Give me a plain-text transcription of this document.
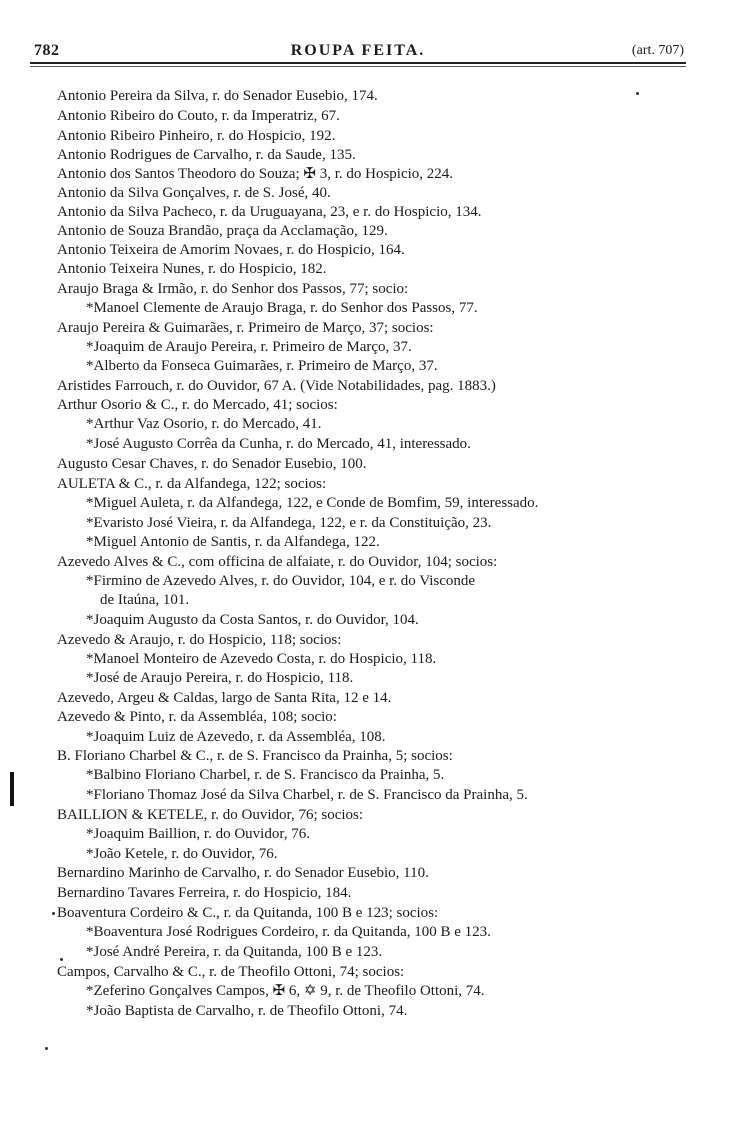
782	ROUPA FEITA.	(art. 707)
Antonio Pereira da Silva, r. do Senador Eusebio, 174.
Antonio Ribeiro do Couto, r. da Imperatriz, 67.
Antonio Ribeiro Pinheiro, r. do Hospicio, 192.
Antonio Rodrigues de Carvalho, r. da Saude, 135.
Antonio dos Santos Theodoro do Souza; ✠ 3, r. do Hospicio, 224.
Antonio da Silva Gonçalves, r. de S. José, 40.
Antonio da Silva Pacheco, r. da Uruguayana, 23, e r. do Hospicio, 134.
Antonio de Souza Brandão, praça da Acclamação, 129.
Antonio Teixeira de Amorim Novaes, r. do Hospicio, 164.
Antonio Teixeira Nunes, r. do Hospicio, 182.
Araujo Braga & Irmão, r. do Senhor dos Passos, 77; socio:
*Manoel Clemente de Araujo Braga, r. do Senhor dos Passos, 77.
Araujo Pereira & Guimarães, r. Primeiro de Março, 37; socios:
*Joaquim de Araujo Pereira, r. Primeiro de Março, 37.
*Alberto da Fonseca Guimarães, r. Primeiro de Março, 37.
Aristides Farrouch, r. do Ouvidor, 67 A. (Vide Notabilidades, pag. 1883.)
Arthur Osorio & C., r. do Mercado, 41; socios:
*Arthur Vaz Osorio, r. do Mercado, 41.
*José Augusto Corrêa da Cunha, r. do Mercado, 41, interessado.
Augusto Cesar Chaves, r. do Senador Eusebio, 100.
AULETA & C., r. da Alfandega, 122; socios:
*Miguel Auleta, r. da Alfandega, 122, e Conde de Bomfim, 59, interessado.
*Evaristo José Vieira, r. da Alfandega, 122, e r. da Constituição, 23.
*Miguel Antonio de Santis, r. da Alfandega, 122.
Azevedo Alves & C., com officina de alfaiate, r. do Ouvidor, 104; socios:
*Firmino de Azevedo Alves, r. do Ouvidor, 104, e r. do Visconde
de Itaúna, 101.
*Joaquim Augusto da Costa Santos, r. do Ouvidor, 104.
Azevedo & Araujo, r. do Hospicio, 118; socios:
*Manoel Monteiro de Azevedo Costa, r. do Hospicio, 118.
*José de Araujo Pereira, r. do Hospicio, 118.
Azevedo, Argeu & Caldas, largo de Santa Rita, 12 e 14.
Azevedo & Pinto, r. da Assembléa, 108; socio:
*Joaquim Luiz de Azevedo, r. da Assembléa, 108.
B. Floriano Charbel & C., r. de S. Francisco da Prainha, 5; socios:
*Balbino Floriano Charbel, r. de S. Francisco da Prainha, 5.
*Floriano Thomaz José da Silva Charbel, r. de S. Francisco da Prainha, 5.
BAILLION & KETELE, r. do Ouvidor, 76; socios:
*Joaquim Baillion, r. do Ouvidor, 76.
*João Ketele, r. do Ouvidor, 76.
Bernardino Marinho de Carvalho, r. do Senador Eusebio, 110.
Bernardino Tavares Ferreira, r. do Hospicio, 184.
Boaventura Cordeiro & C., r. da Quitanda, 100 B e 123; socios:
*Boaventura José Rodrigues Cordeiro, r. da Quitanda, 100 B e 123.
*José André Pereira, r. da Quitanda, 100 B e 123.
Campos, Carvalho & C., r. de Theofilo Ottoni, 74; socios:
*Zeferino Gonçalves Campos, ✠ 6, ✡ 9, r. de Theofilo Ottoni, 74.
*João Baptista de Carvalho, r. de Theofilo Ottoni, 74.
